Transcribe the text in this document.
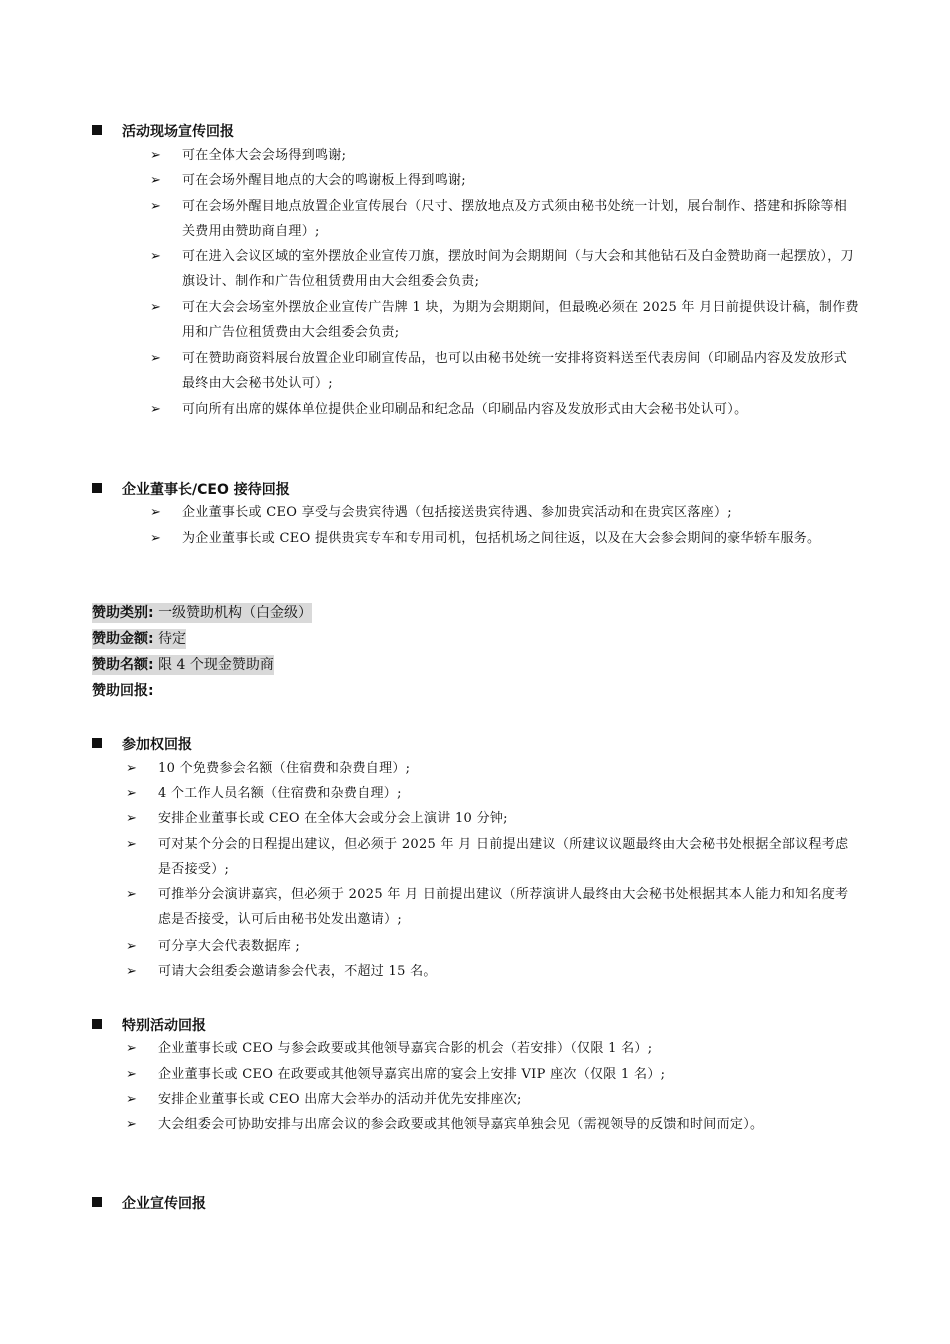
活动现场宣传回报
➢	可在全体大会会场得到鸣谢;
➢	可在会场外醒目地点的大会的鸣谢板上得到鸣谢;
➢	可在会场外醒目地点放置企业宣传展台（尺寸、摆放地点及方式须由秘书处统一计划，展台制作、搭建和拆除等相关费用由赞助商自理）;
➢	可在进入会议区域的室外摆放企业宣传刀旗，摆放时间为会期期间（与大会和其他钻石及白金赞助商一起摆放），刀旗设计、制作和广告位租赁费用由大会组委会负责;
➢	可在大会会场室外摆放企业宣传广告牌 1 块，为期为会期期间，但最晚必须在 2025 年 月日前提供设计稿，制作费用和广告位租赁费由大会组委会负责;
➢	可在赞助商资料展台放置企业印刷宣传品，也可以由秘书处统一安排将资料送至代表房间（印刷品内容及发放形式最终由大会秘书处认可）;
➢	可向所有出席的媒体单位提供企业印刷品和纪念品（印刷品内容及发放形式由大会秘书处认可）。
企业董事长/CEO 接待回报
➢	企业董事长或 CEO 享受与会贵宾待遇（包括接送贵宾待遇、参加贵宾活动和在贵宾区落座）;
➢	为企业董事长或 CEO 提供贵宾专车和专用司机，包括机场之间往返，以及在大会参会期间的豪华轿车服务。
赞助类别: 一级赞助机构（白金级）
赞助金额: 待定
赞助名额: 限 4 个现金赞助商
赞助回报:
参加权回报
➢	10 个免费参会名额（住宿费和杂费自理）;
➢	4 个工作人员名额（住宿费和杂费自理）;
➢	安排企业董事长或 CEO 在全体大会或分会上演讲 10 分钟;
➢	可对某个分会的日程提出建议，但必须于 2025 年 月 日前提出建议（所建议议题最终由大会秘书处根据全部议程考虑是否接受）;
➢	可推举分会演讲嘉宾，但必须于 2025 年 月 日前提出建议（所荐演讲人最终由大会秘书处根据其本人能力和知名度考虑是否接受，认可后由秘书处发出邀请）;
➢	可分享大会代表数据库 ;
➢	可请大会组委会邀请参会代表，不超过 15 名。
特别活动回报
➢	企业董事长或 CEO 与参会政要或其他领导嘉宾合影的机会（若安排）（仅限 1 名）;
➢	企业董事长或 CEO 在政要或其他领导嘉宾出席的宴会上安排 VIP 座次（仅限 1 名）;
➢	安排企业董事长或 CEO 出席大会举办的活动并优先安排座次;
➢	大会组委会可协助安排与出席会议的参会政要或其他领导嘉宾单独会见（需视领导的反馈和时间而定）。
企业宣传回报
